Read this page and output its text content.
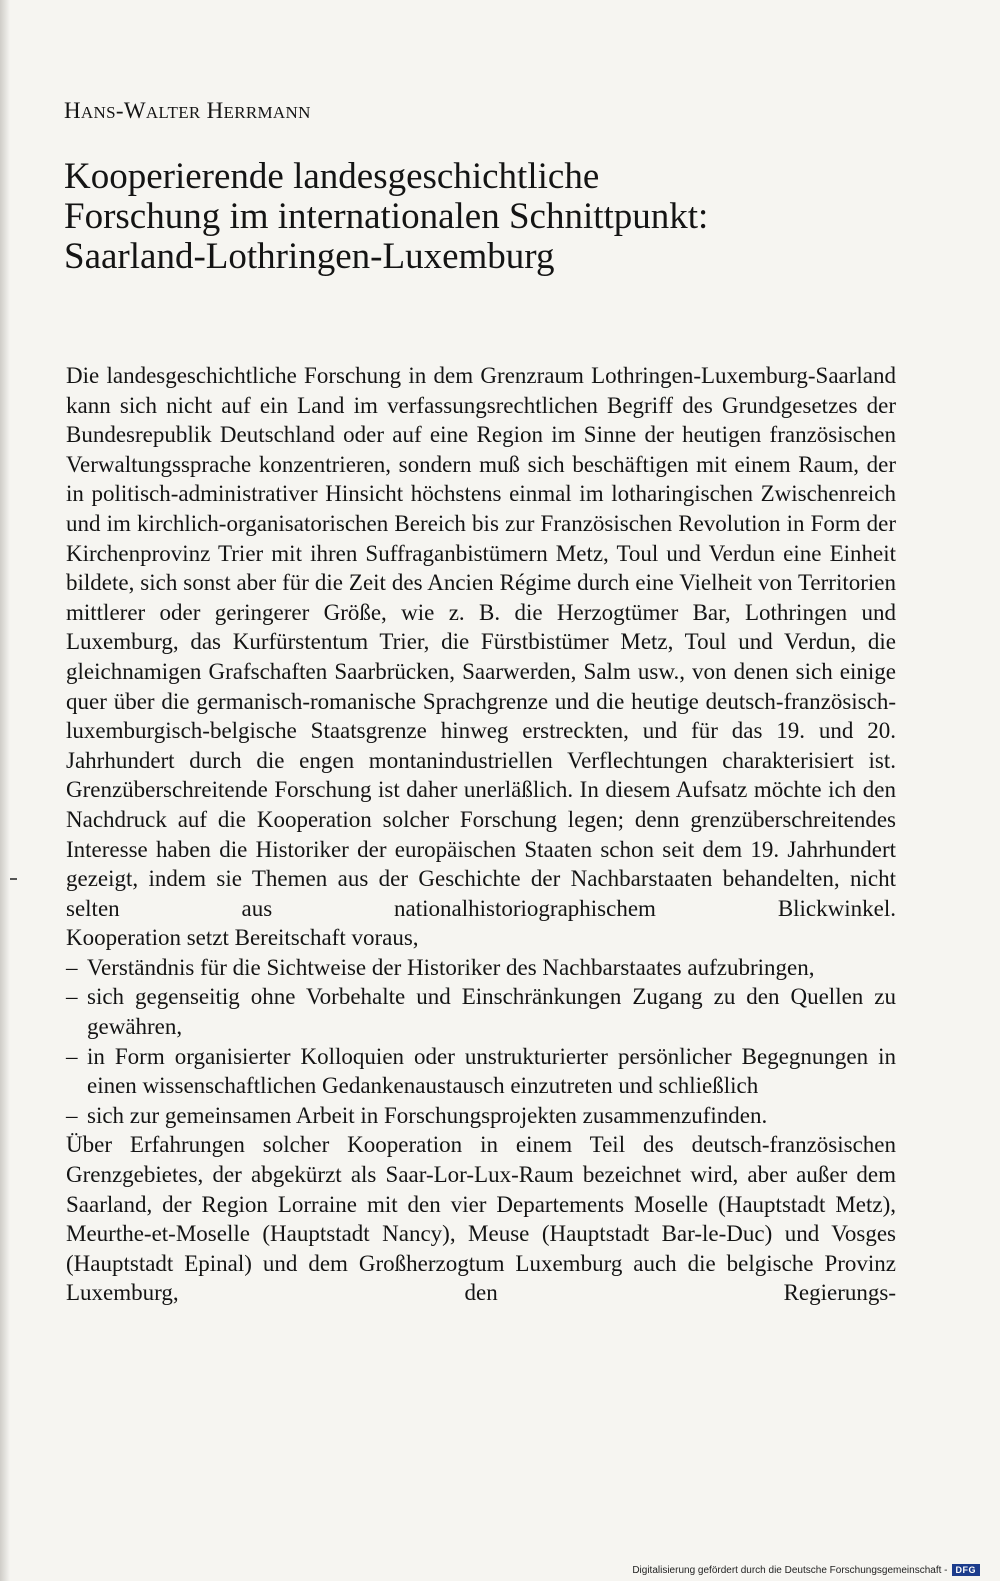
HANS-WALTER HERRMANN
Kooperierende landesgeschichtliche
Forschung im internationalen Schnittpunkt:
Saarland-Lothringen-Luxemburg

Die landesgeschichtliche Forschung in dem Grenzraum Lothringen-Luxemburg-Saarland kann sich nicht auf ein Land im verfassungsrechtlichen Begriff des Grundgesetzes der Bundesrepublik Deutschland oder auf eine Region im Sinne der heutigen französischen Verwaltungssprache konzentrieren, sondern muß sich beschäftigen mit einem Raum, der in politisch-administrativer Hinsicht höchstens einmal im lotharingischen Zwischenreich und im kirchlich-organisatorischen Bereich bis zur Französischen Revolution in Form der Kirchenprovinz Trier mit ihren Suffraganbistümern Metz, Toul und Verdun eine Einheit bildete, sich sonst aber für die Zeit des Ancien Régime durch eine Vielheit von Territorien mittlerer oder geringerer Größe, wie z. B. die Herzogtümer Bar, Lothringen und Luxemburg, das Kurfürstentum Trier, die Fürstbistümer Metz, Toul und Verdun, die gleichnamigen Grafschaften Saarbrücken, Saarwerden, Salm usw., von denen sich einige quer über die germanisch-romanische Sprachgrenze und die heutige deutsch-französisch-luxemburgisch-belgische Staatsgrenze hinweg erstreckten, und für das 19. und 20. Jahrhundert durch die engen montanindustriellen Verflechtungen charakterisiert ist. Grenzüberschreitende Forschung ist daher unerläßlich. In diesem Aufsatz möchte ich den Nachdruck auf die Kooperation solcher Forschung legen; denn grenzüberschreitendes Interesse haben die Historiker der europäischen Staaten schon seit dem 19. Jahrhundert gezeigt, indem sie Themen aus der Geschichte der Nachbarstaaten behandelten, nicht selten aus nationalhistoriographischem Blickwinkel.

Kooperation setzt Bereitschaft voraus,

– Verständnis für die Sichtweise der Historiker des Nachbarstaates aufzubringen,
– sich gegenseitig ohne Vorbehalte und Einschränkungen Zugang zu den Quellen zu gewähren,
– in Form organisierter Kolloquien oder unstrukturierter persönlicher Begegnungen in einen wissenschaftlichen Gedankenaustausch einzutreten und schließlich
– sich zur gemeinsamen Arbeit in Forschungsprojekten zusammenzufinden.

Über Erfahrungen solcher Kooperation in einem Teil des deutsch-französischen Grenzgebietes, der abgekürzt als Saar-Lor-Lux-Raum bezeichnet wird, aber außer dem Saarland, der Region Lorraine mit den vier Departements Moselle (Hauptstadt Metz), Meurthe-et-Moselle (Hauptstadt Nancy), Meuse (Hauptstadt Bar-le-Duc) und Vosges (Hauptstadt Epinal) und dem Großherzogtum Luxemburg auch die belgische Provinz Luxemburg, den Regierungs-

Digitalisierung gefördert durch die Deutsche Forschungsgemeinschaft - DFG
